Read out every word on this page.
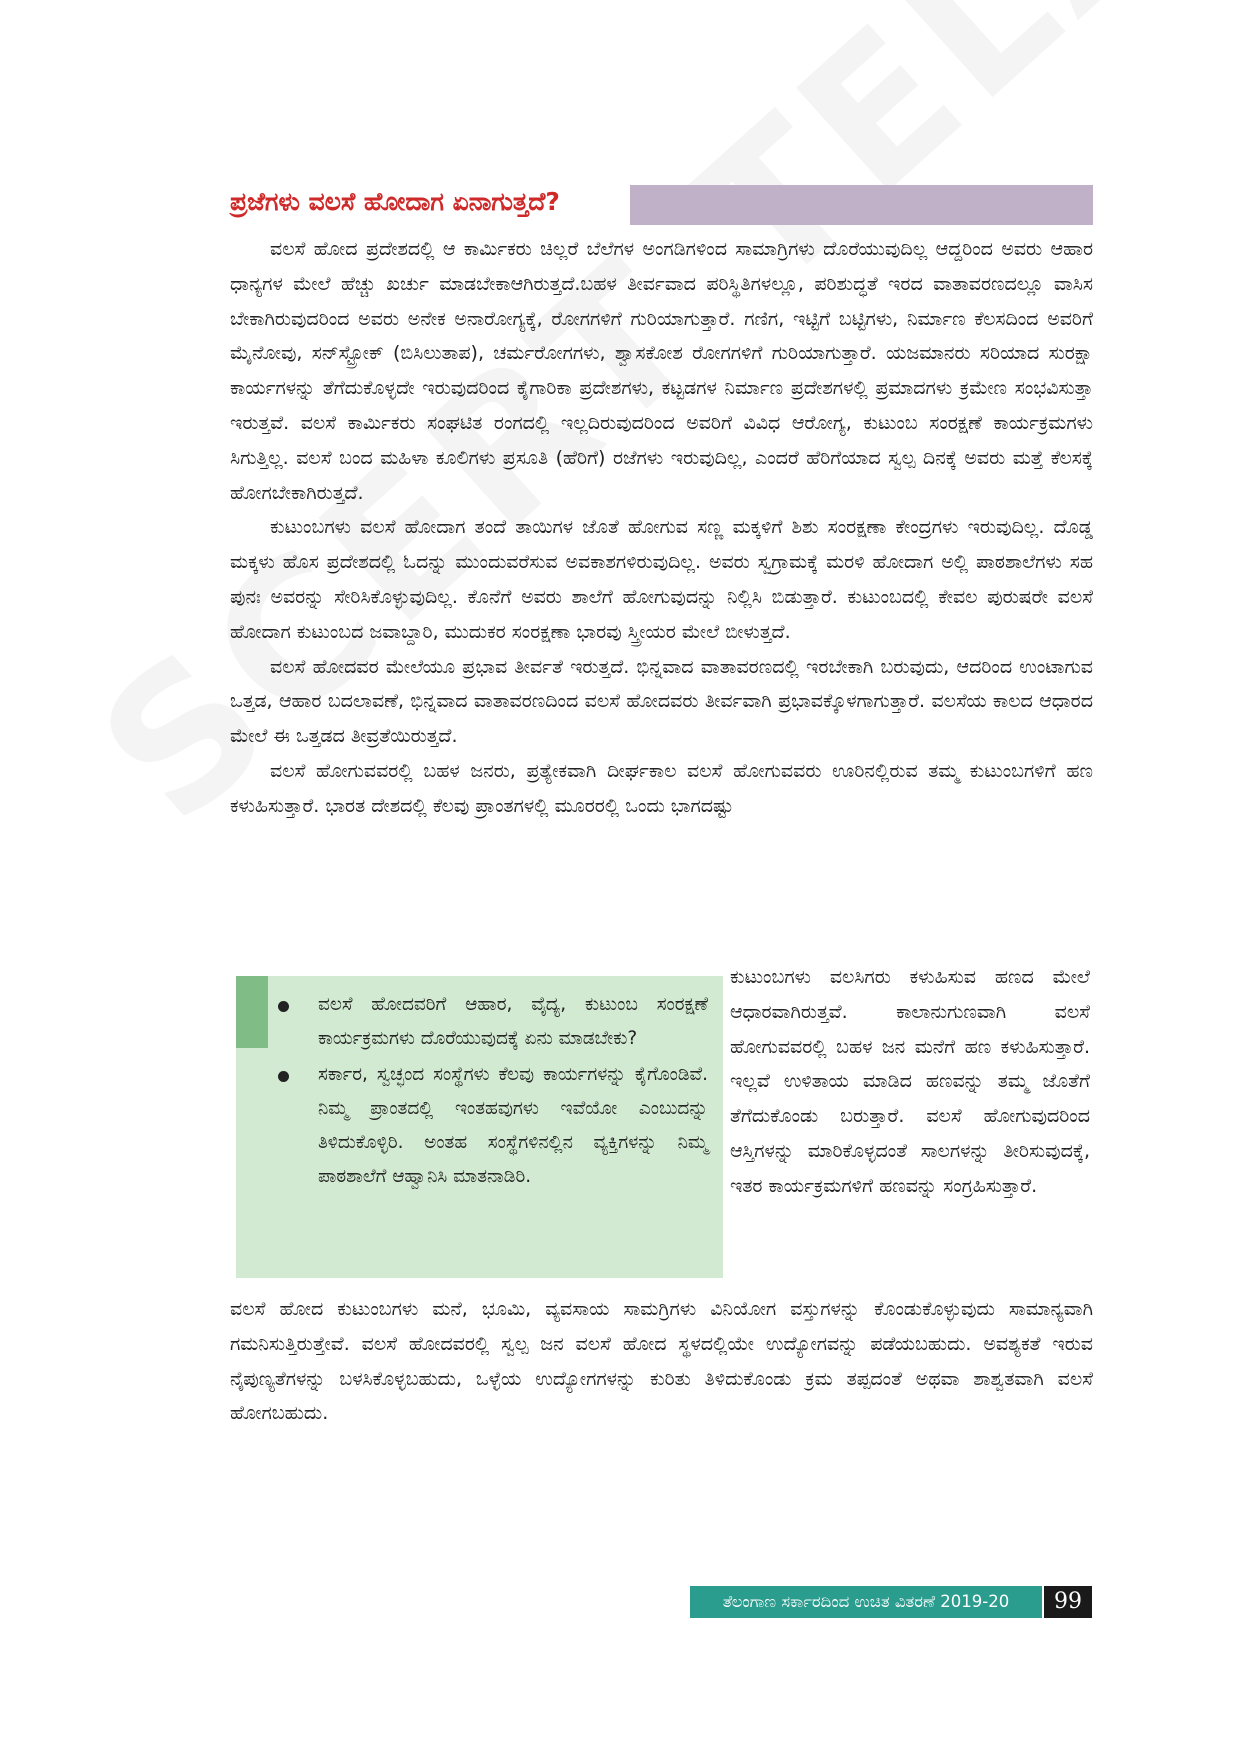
ಪ್ರಜೆಗಳು ವಲಸೆ ಹೋದಾಗ ಏನಾಗುತ್ತದೆ?

ವಲಸೆ ಹೋದ ಪ್ರದೇಶದಲ್ಲಿ ಆ ಕಾರ್ಮಿಕರು ಚಿಲ್ಲರೆ ಬೆಲೆಗಳ ಅಂಗಡಿಗಳಿಂದ ಸಾಮಾಗ್ರಿಗಳು ದೊರೆಯುವುದಿಲ್ಲ ಆದ್ದರಿಂದ ಅವರು ಆಹಾರ ಧಾನ್ಯಗಳ ಮೇಲೆ ಹೆಚ್ಚು ಖರ್ಚು ಮಾಡಬೇಕಾಆಗಿರುತ್ತದೆ.ಬಹಳ ತೀರ್ವವಾದ ಪರಿಸ್ಥಿತಿಗಳಲ್ಲೂ, ಪರಿಶುದ್ಧತೆ ಇರದ ವಾತಾವರಣದಲ್ಲೂ ವಾಸಿಸ ಬೇಕಾಗಿರುವುದರಿಂದ ಅವರು ಅನೇಕ ಅನಾರೋಗ್ಯಕ್ಕೆ, ರೋಗಗಳಿಗೆ ಗುರಿಯಾಗುತ್ತಾರೆ. ಗಣಿಗ, ಇಟ್ಟಿಗೆ ಬಟ್ಟಿಗಳು, ನಿರ್ಮಾಣ ಕೆಲಸದಿಂದ ಅವರಿಗೆ ಮೈನೋವು, ಸನ್‌ಸ್ಟ್ರೋಕ್ (ಬಿಸಿಲುತಾಪ), ಚರ್ಮರೋಗಗಳು, ಶ್ವಾಸಕೋಶ ರೋಗಗಳಿಗೆ ಗುರಿಯಾಗುತ್ತಾರೆ. ಯಜಮಾನರು ಸರಿಯಾದ ಸುರಕ್ಷಾ ಕಾರ್ಯಗಳನ್ನು ತೆಗೆದುಕೊಳ್ಳದೇ ಇರುವುದರಿಂದ ಕೈಗಾರಿಕಾ ಪ್ರದೇಶಗಳು, ಕಟ್ಟಡಗಳ ನಿರ್ಮಾಣ ಪ್ರದೇಶಗಳಲ್ಲಿ ಪ್ರಮಾದಗಳು ಕ್ರಮೇಣ ಸಂಭವಿಸುತ್ತಾ ಇರುತ್ತವೆ. ವಲಸೆ ಕಾರ್ಮಿಕರು ಸಂಘಟಿತ ರಂಗದಲ್ಲಿ ಇಲ್ಲದಿರುವುದರಿಂದ ಅವರಿಗೆ ವಿವಿಧ ಆರೋಗ್ಯ, ಕುಟುಂಬ ಸಂರಕ್ಷಣೆ ಕಾರ್ಯಕ್ರಮಗಳು ಸಿಗುತ್ತಿಲ್ಲ. ವಲಸೆ ಬಂದ ಮಹಿಳಾ ಕೂಲಿಗಳು ಪ್ರಸೂತಿ (ಹೆರಿಗೆ) ರಜೆಗಳು ಇರುವುದಿಲ್ಲ, ಎಂದರೆ ಹೆರಿಗೆಯಾದ ಸ್ವಲ್ಪ ದಿನಕ್ಕೆ ಅವರು ಮತ್ತೆ ಕೆಲಸಕ್ಕೆ ಹೋಗಬೇಕಾಗಿರುತ್ತದೆ.

ಕುಟುಂಬಗಳು ವಲಸೆ ಹೋದಾಗ ತಂದೆ ತಾಯಿಗಳ ಜೊತೆ ಹೋಗುವ ಸಣ್ಣ ಮಕ್ಕಳಿಗೆ ಶಿಶು ಸಂರಕ್ಷಣಾ ಕೇಂದ್ರಗಳು ಇರುವುದಿಲ್ಲ. ದೊಡ್ಡ ಮಕ್ಕಳು ಹೊಸ ಪ್ರದೇಶದಲ್ಲಿ ಓದನ್ನು ಮುಂದುವರೆಸುವ ಅವಕಾಶಗಳಿರುವುದಿಲ್ಲ. ಅವರು ಸ್ವಗ್ರಾಮಕ್ಕೆ ಮರಳಿ ಹೋದಾಗ ಅಲ್ಲಿ ಪಾಠಶಾಲೆಗಳು ಸಹ ಪುನಃ ಅವರನ್ನು ಸೇರಿಸಿಕೊಳ್ಳುವುದಿಲ್ಲ. ಕೊನೆಗೆ ಅವರು ಶಾಲೆಗೆ ಹೋಗುವುದನ್ನು ನಿಲ್ಲಿಸಿ ಬಿಡುತ್ತಾರೆ. ಕುಟುಂಬದಲ್ಲಿ ಕೇವಲ ಪುರುಷರೇ ವಲಸೆ ಹೋದಾಗ ಕುಟುಂಬದ ಜವಾಬ್ದಾರಿ, ಮುದುಕರ ಸಂರಕ್ಷಣಾ ಭಾರವು ಸ್ತ್ರೀಯರ ಮೇಲೆ ಬೀಳುತ್ತದೆ.

ವಲಸೆ ಹೋದವರ ಮೇಲೆಯೂ ಪ್ರಭಾವ ತೀರ್ವತೆ ಇರುತ್ತದೆ. ಭಿನ್ನವಾದ ವಾತಾವರಣದಲ್ಲಿ ಇರಬೇಕಾಗಿ ಬರುವುದು, ಆದರಿಂದ ಉಂಟಾಗುವ ಒತ್ತಡ, ಆಹಾರ ಬದಲಾವಣೆ, ಭಿನ್ನವಾದ ವಾತಾವರಣದಿಂದ ವಲಸೆ ಹೋದವರು ತೀರ್ವವಾಗಿ ಪ್ರಭಾವಕ್ಕೊಳಗಾಗುತ್ತಾರೆ. ವಲಸೆಯ ಕಾಲದ ಆಧಾರದ ಮೇಲೆ ಈ ಒತ್ತಡದ ತೀವ್ರತೆಯಿರುತ್ತದೆ.

ವಲಸೆ ಹೋಗುವವರಲ್ಲಿ ಬಹಳ ಜನರು, ಪ್ರತ್ಯೇಕವಾಗಿ ದೀರ್ಘಕಾಲ ವಲಸೆ ಹೋಗುವವರು ಊರಿನಲ್ಲಿರುವ ತಮ್ಮ ಕುಟುಂಬಗಳಿಗೆ ಹಣ ಕಳುಹಿಸುತ್ತಾರೆ. ಭಾರತ ದೇಶದಲ್ಲಿ ಕೆಲವು ಪ್ರಾಂತಗಳಲ್ಲಿ ಮೂರರಲ್ಲಿ ಒಂದು ಭಾಗದಷ್ಟು

ವಲಸೆ ಹೋದವರಿಗೆ ಆಹಾರ, ವೈದ್ಯ, ಕುಟುಂಬ ಸಂರಕ್ಷಣೆ ಕಾರ್ಯಕ್ರಮಗಳು ದೊರೆಯುವುದಕ್ಕೆ ಏನು ಮಾಡಬೇಕು?
ಸರ್ಕಾರ, ಸ್ವಚ್ಛಂದ ಸಂಸ್ಥೆಗಳು ಕೆಲವು ಕಾರ್ಯಗಳನ್ನು ಕೈಗೊಂಡಿವೆ. ನಿಮ್ಮ ಪ್ರಾಂತದಲ್ಲಿ ಇಂತಹವುಗಳು ಇವೆಯೋ ಎಂಬುದನ್ನು ತಿಳಿದುಕೊಳ್ಳಿರಿ. ಅಂತಹ ಸಂಸ್ಥೆಗಳಿನಲ್ಲಿನ ವ್ಯಕ್ತಿಗಳನ್ನು ನಿಮ್ಮ ಪಾಠಶಾಲೆಗೆ ಆಹ್ವಾನಿಸಿ ಮಾತನಾಡಿರಿ.

ಕುಟುಂಬಗಳು ವಲಸಿಗರು ಕಳುಹಿಸುವ ಹಣದ ಮೇಲೆ ಆಧಾರವಾಗಿರುತ್ತವೆ. ಕಾಲಾನುಗುಣವಾಗಿ ವಲಸೆ ಹೋಗುವವರಲ್ಲಿ ಬಹಳ ಜನ ಮನೆಗೆ ಹಣ ಕಳುಹಿಸುತ್ತಾರೆ. ಇಲ್ಲವೆ ಉಳಿತಾಯ ಮಾಡಿದ ಹಣವನ್ನು ತಮ್ಮ ಜೊತೆಗೆ ತೆಗೆದುಕೊಂಡು ಬರುತ್ತಾರೆ. ವಲಸೆ ಹೋಗುವುದರಿಂದ ಆಸ್ತಿಗಳನ್ನು ಮಾರಿಕೊಳ್ಳದಂತೆ ಸಾಲಗಳನ್ನು ತೀರಿಸುವುದಕ್ಕೆ, ಇತರ ಕಾರ್ಯಕ್ರಮಗಳಿಗೆ ಹಣವನ್ನು ಸಂಗ್ರಹಿಸುತ್ತಾರೆ.

ವಲಸೆ ಹೋದ ಕುಟುಂಬಗಳು ಮನೆ, ಭೂಮಿ, ವ್ಯವಸಾಯ ಸಾಮಗ್ರಿಗಳು ವಿನಿಯೋಗ ವಸ್ತುಗಳನ್ನು ಕೊಂಡುಕೊಳ್ಳುವುದು ಸಾಮಾನ್ಯವಾಗಿ ಗಮನಿಸುತ್ತಿರುತ್ತೇವೆ. ವಲಸೆ ಹೋದವರಲ್ಲಿ ಸ್ವಲ್ಪ ಜನ ವಲಸೆ ಹೋದ ಸ್ಥಳದಲ್ಲಿಯೇ ಉದ್ಯೋಗವನ್ನು ಪಡೆಯಬಹುದು. ಅವಶ್ಯಕತೆ ಇರುವ ನೈಪುಣ್ಯತೆಗಳನ್ನು ಬಳಸಿಕೊಳ್ಳಬಹುದು, ಒಳ್ಳೆಯ ಉದ್ಯೋಗಗಳನ್ನು ಕುರಿತು ತಿಳಿದುಕೊಂಡು ಕ್ರಮ ತಪ್ಪದಂತೆ ಅಥವಾ ಶಾಶ್ವತವಾಗಿ ವಲಸೆ ಹೋಗಬಹುದು.

ತೆಲಂಗಾಣ ಸರ್ಕಾರದಿಂದ ಉಚಿತ ವಿತರಣೆ 2019-20	99
